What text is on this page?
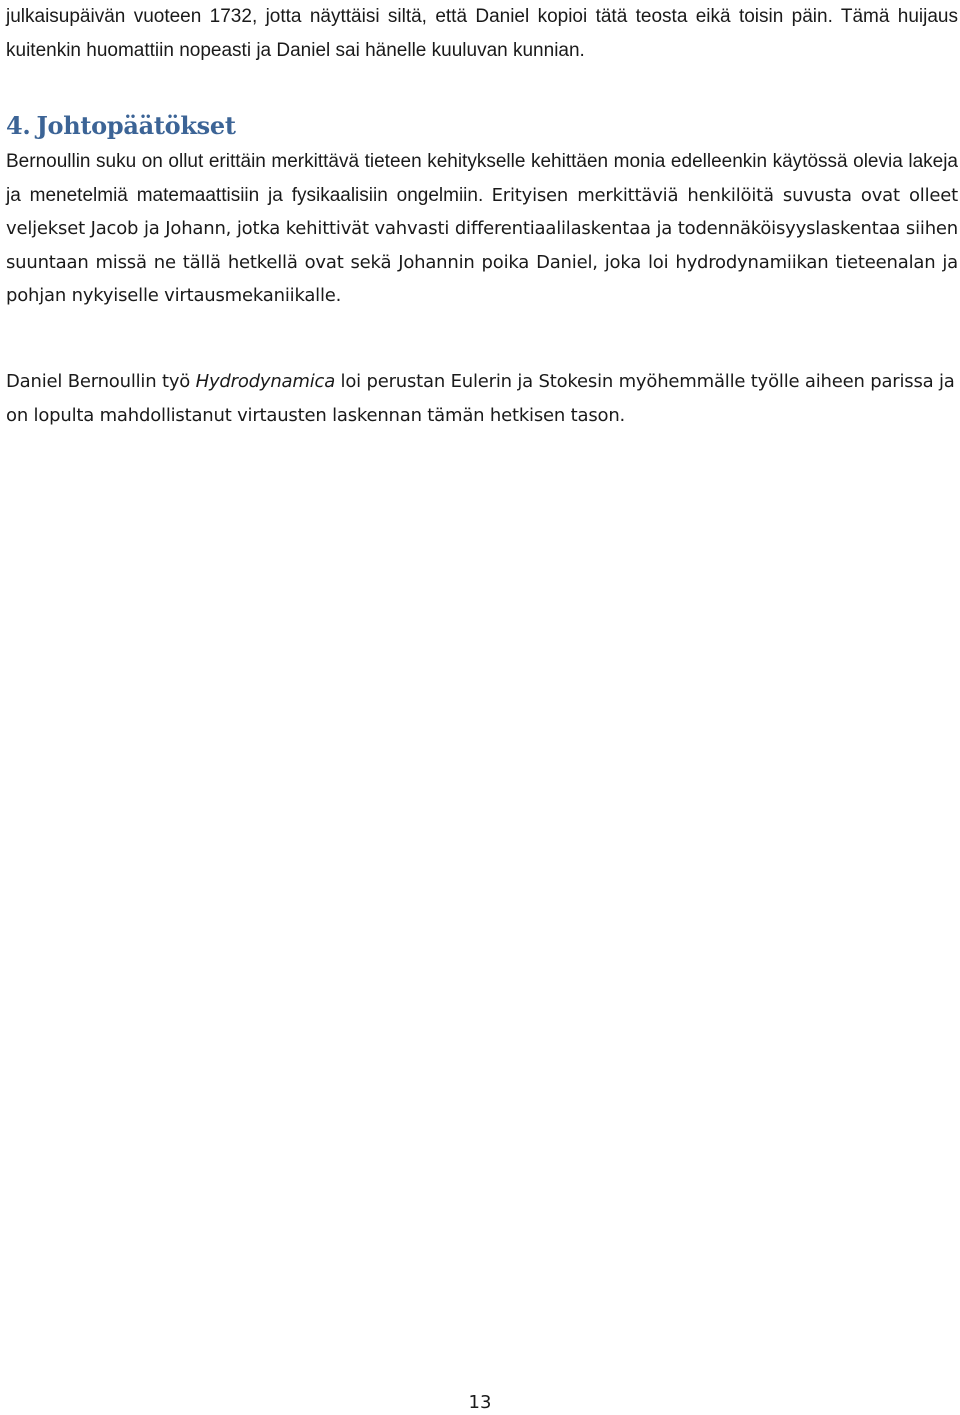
julkaisupäivän vuoteen 1732, jotta näyttäisi siltä, että Daniel kopioi tätä teosta eikä toisin päin. Tämä huijaus kuitenkin huomattiin nopeasti ja Daniel sai hänelle kuuluvan kunnian.

4. Johtopäätökset

Bernoullin suku on ollut erittäin merkittävä tieteen kehitykselle kehittäen monia edelleenkin käytössä olevia lakeja ja menetelmiä matemaattisiin ja fysikaalisiin ongelmiin. Erityisen merkittäviä henkilöitä suvusta ovat olleet veljekset Jacob ja Johann, jotka kehittivät vahvasti differentiaalilaskentaa ja todennäköisyyslaskentaa siihen suuntaan missä ne tällä hetkellä ovat sekä Johannin poika Daniel, joka loi hydrodynamiikan tieteenalan ja pohjan nykyiselle virtausmekaniikalle.

Daniel Bernoullin työ Hydrodynamica loi perustan Eulerin ja Stokesin myöhemmälle työlle aiheen parissa ja on lopulta mahdollistanut virtausten laskennan tämän hetkisen tason.

13
